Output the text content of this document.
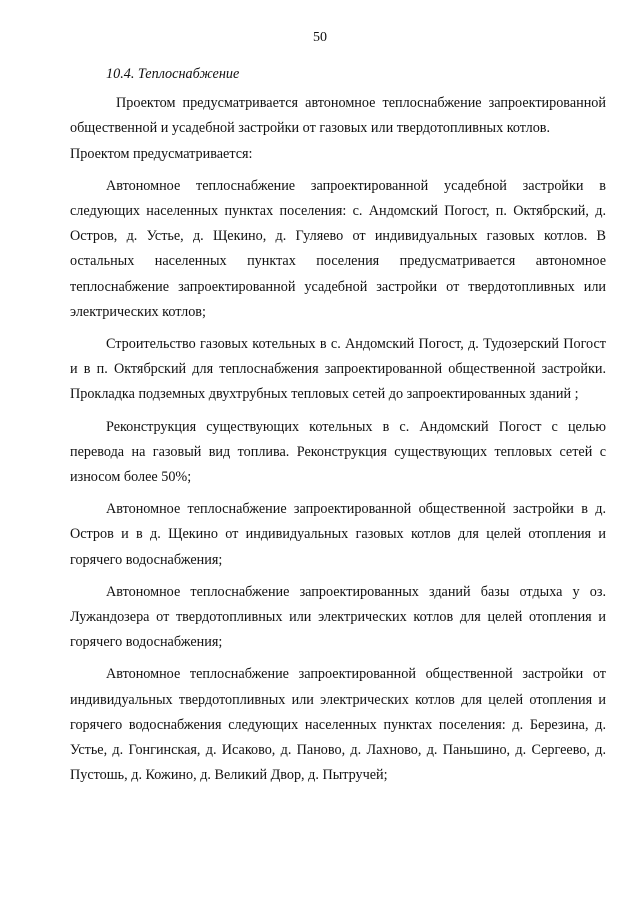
50

10.4. Теплоснабжение

Проектом предусматривается автономное теплоснабжение запроектированной общественной и усадебной застройки от газовых или твердотопливных котлов.

Проектом предусматривается:

Автономное теплоснабжение запроектированной усадебной застройки в следующих населенных пунктах поселения: с. Андомский Погост, п. Октябрский, д. Остров, д. Устье, д. Щекино, д. Гуляево от индивидуальных газовых котлов. В остальных населенных пунктах поселения предусматривается автономное теплоснабжение запроектированной усадебной застройки от твердотопливных или электрических котлов;

Строительство газовых котельных в с. Андомский Погост, д. Тудозерский Погост и в п. Октябрский для теплоснабжения запроектированной общественной застройки. Прокладка подземных двухтрубных тепловых сетей до запроектированных зданий ;

Реконструкция существующих котельных в с. Андомский Погост с целью перевода на газовый вид топлива. Реконструкция существующих тепловых сетей с износом более 50%;

Автономное теплоснабжение запроектированной общественной застройки в д. Остров и в д. Щекино от индивидуальных газовых котлов для целей отопления и горячего водоснабжения;

Автономное теплоснабжение запроектированных зданий базы отдыха у оз. Лужандозера от твердотопливных или электрических котлов для целей отопления и горячего водоснабжения;

Автономное теплоснабжение запроектированной общественной застройки от индивидуальных твердотопливных или электрических котлов для целей отопления и горячего водоснабжения следующих населенных пунктах поселения: д. Березина, д. Устье, д. Гонгинская, д. Исаково, д. Паново, д. Лахново, д. Паньшино, д. Сергеево, д. Пустошь, д. Кожино, д. Великий Двор, д. Пытручей;
